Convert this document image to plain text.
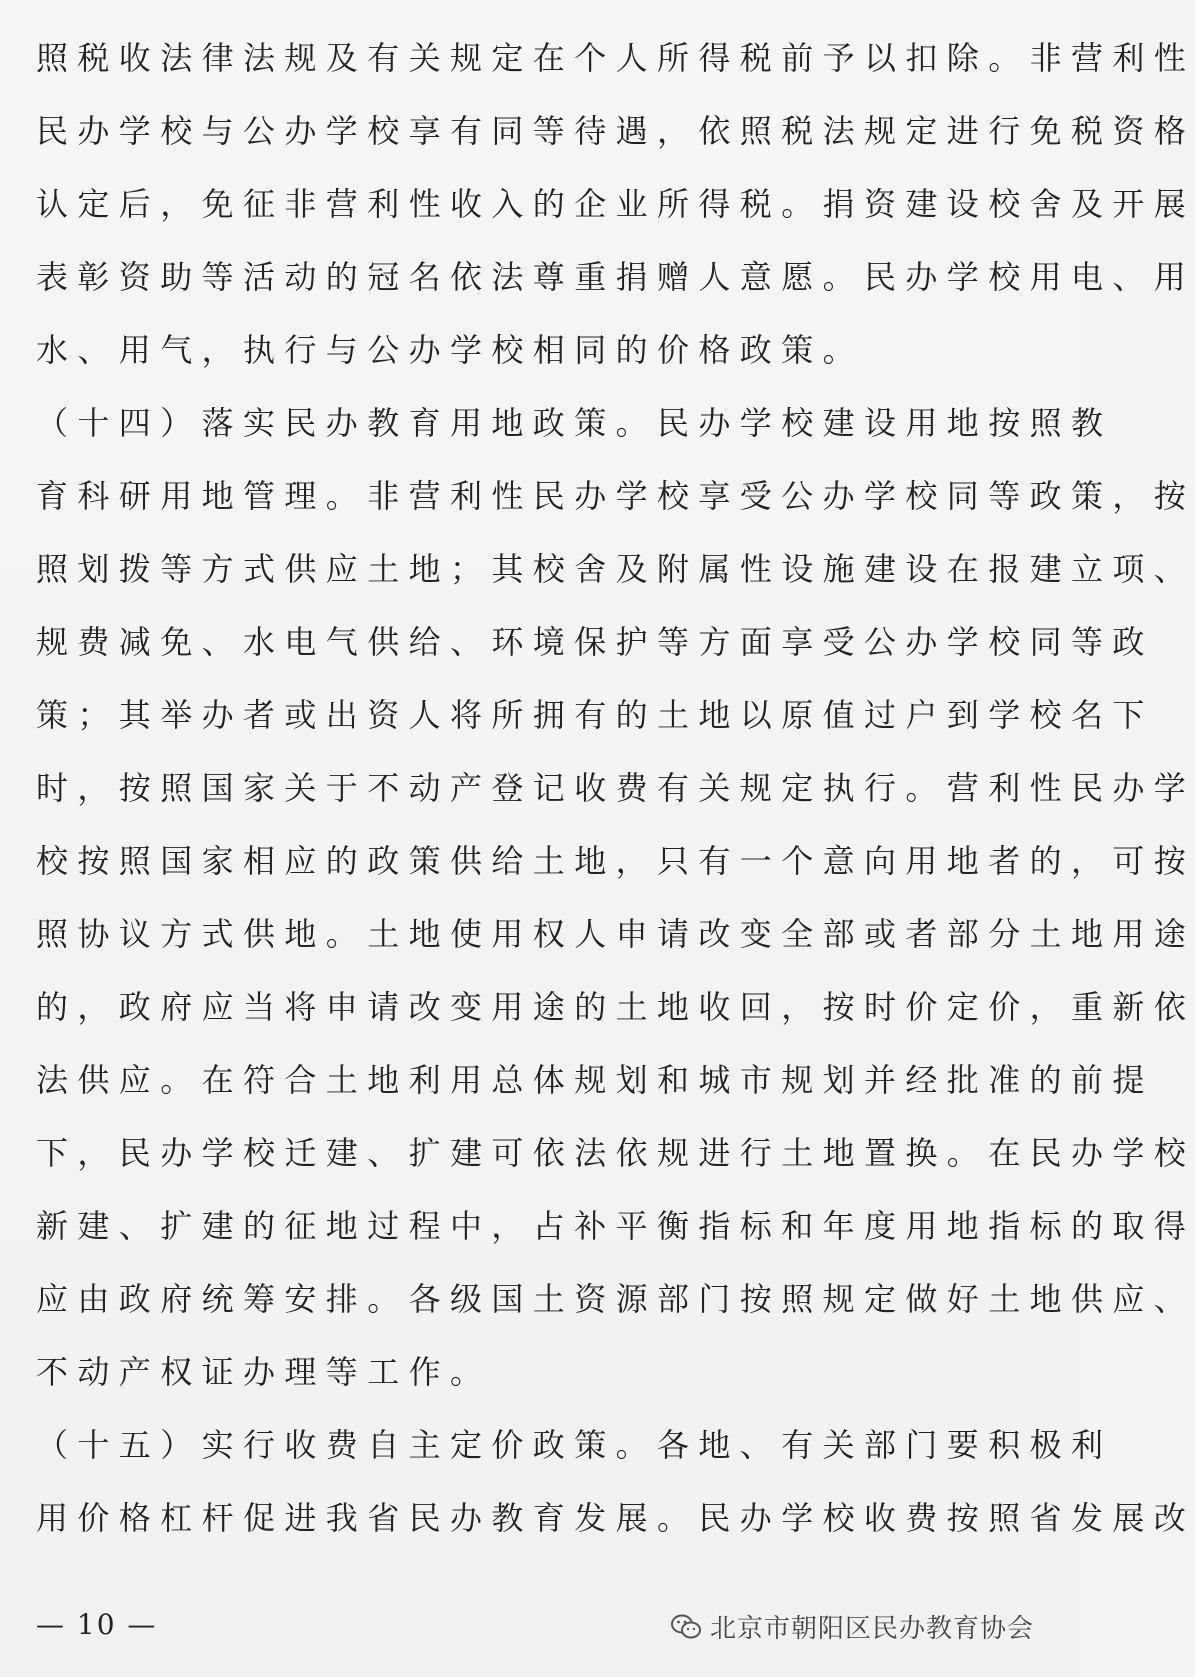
照税收法律法规及有关规定在个人所得税前予以扣除。非营利性
民办学校与公办学校享有同等待遇，依照税法规定进行免税资格
认定后，免征非营利性收入的企业所得税。捐资建设校舍及开展
表彰资助等活动的冠名依法尊重捐赠人意愿。民办学校用电、用
水、用气，执行与公办学校相同的价格政策。
（十四）落实民办教育用地政策。民办学校建设用地按照教
育科研用地管理。非营利性民办学校享受公办学校同等政策，按
照划拨等方式供应土地；其校舍及附属性设施建设在报建立项、
规费减免、水电气供给、环境保护等方面享受公办学校同等政
策；其举办者或出资人将所拥有的土地以原值过户到学校名下
时，按照国家关于不动产登记收费有关规定执行。营利性民办学
校按照国家相应的政策供给土地，只有一个意向用地者的，可按
照协议方式供地。土地使用权人申请改变全部或者部分土地用途
的，政府应当将申请改变用途的土地收回，按时价定价，重新依
法供应。在符合土地利用总体规划和城市规划并经批准的前提
下，民办学校迁建、扩建可依法依规进行土地置换。在民办学校
新建、扩建的征地过程中，占补平衡指标和年度用地指标的取得
应由政府统筹安排。各级国土资源部门按照规定做好土地供应、
不动产权证办理等工作。
（十五）实行收费自主定价政策。各地、有关部门要积极利
用价格杠杆促进我省民办教育发展。民办学校收费按照省发展改
— 10 —	北京市朝阳区民办教育协会
